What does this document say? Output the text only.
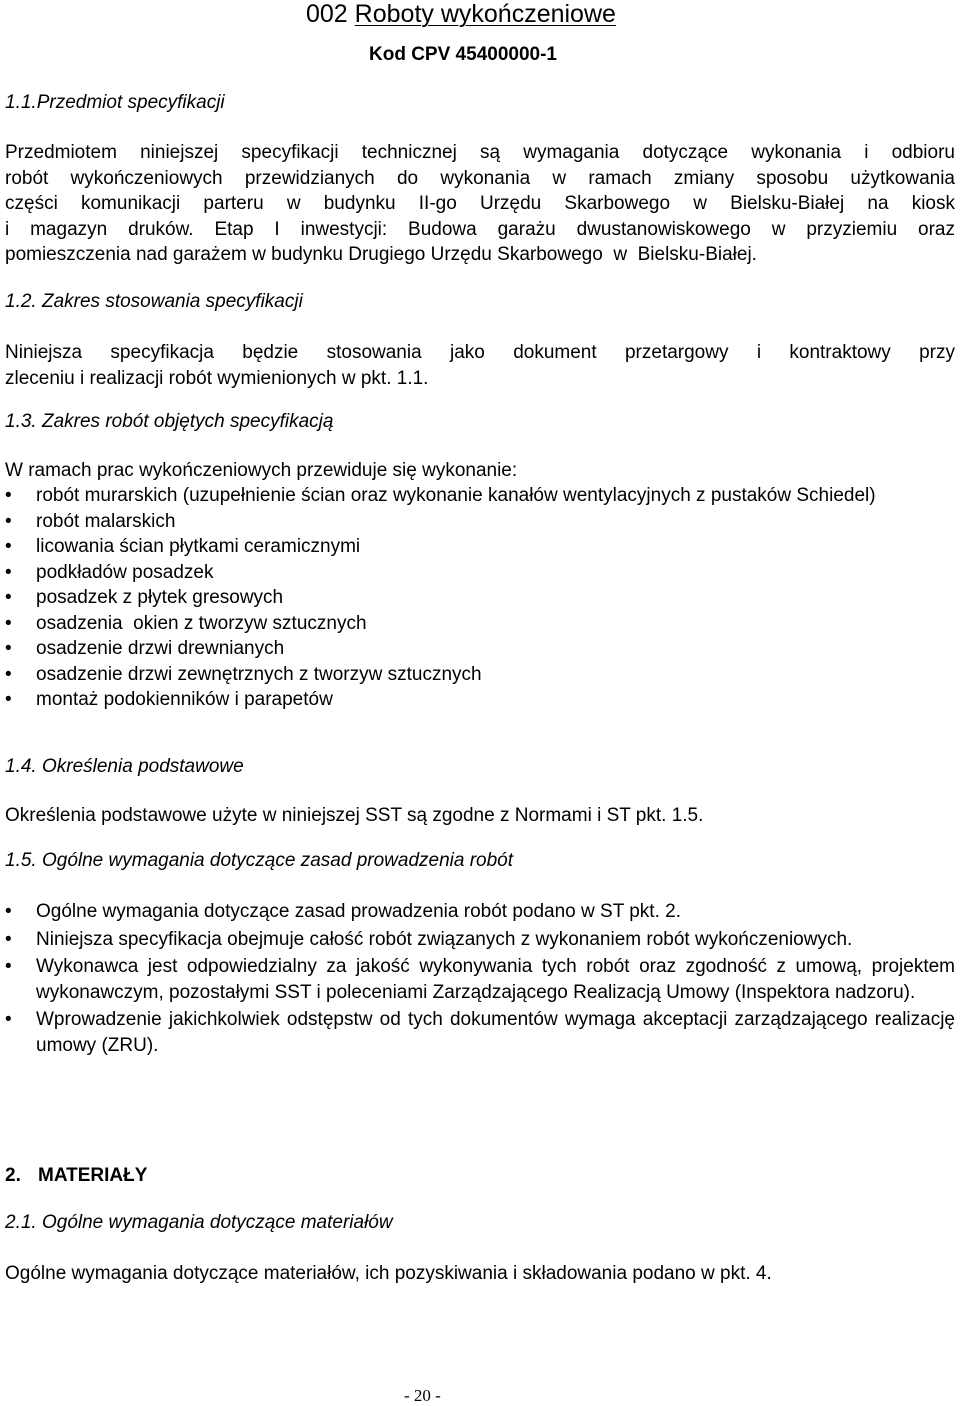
002 Roboty wykończeniowe
Kod CPV 45400000-1
1.1.Przedmiot specyfikacji
Przedmiotem niniejszej specyfikacji technicznej są wymagania dotyczące wykonania i odbioru
robót wykończeniowych przewidzianych do wykonania w ramach zmiany sposobu użytkowania
części komunikacji parteru w budynku II-go Urzędu Skarbowego w Bielsku-Białej na kiosk
i magazyn druków. Etap I inwestycji: Budowa garażu dwustanowiskowego w przyziemiu oraz
pomieszczenia nad garażem w budynku Drugiego Urzędu Skarbowego  w  Bielsku-Białej.
1.2. Zakres stosowania specyfikacji
Niniejsza specyfikacja będzie stosowania jako dokument przetargowy i kontraktowy przy
zleceniu i realizacji robót wymienionych w pkt. 1.1.
1.3. Zakres robót objętych specyfikacją
W ramach prac wykończeniowych przewiduje się wykonanie:
• robót murarskich (uzupełnienie ścian oraz wykonanie kanałów wentylacyjnych z pustaków Schiedel)
• robót malarskich
• licowania ścian płytkami ceramicznymi
• podkładów posadzek
• posadzek z płytek gresowych
• osadzenia  okien z tworzyw sztucznych
• osadzenie drzwi drewnianych
• osadzenie drzwi zewnętrznych z tworzyw sztucznych
• montaż podokienników i parapetów
1.4. Określenia podstawowe
Określenia podstawowe użyte w niniejszej SST są zgodne z Normami i ST pkt. 1.5.
1.5. Ogólne wymagania dotyczące zasad prowadzenia robót
• Ogólne wymagania dotyczące zasad prowadzenia robót podano w ST pkt. 2.
• Niniejsza specyfikacja obejmuje całość robót związanych z wykonaniem robót wykończeniowych.
• Wykonawca jest odpowiedzialny za jakość wykonywania tych robót oraz zgodność z umową, projektem wykonawczym, pozostałymi SST i poleceniami Zarządzającego Realizacją Umowy (Inspektora nadzoru).
• Wprowadzenie jakichkolwiek odstępstw od tych dokumentów wymaga akceptacji zarządzającego realizację umowy (ZRU).
2. MATERIAŁY
2.1. Ogólne wymagania dotyczące materiałów
Ogólne wymagania dotyczące materiałów, ich pozyskiwania i składowania podano w pkt. 4.
- 20 -
